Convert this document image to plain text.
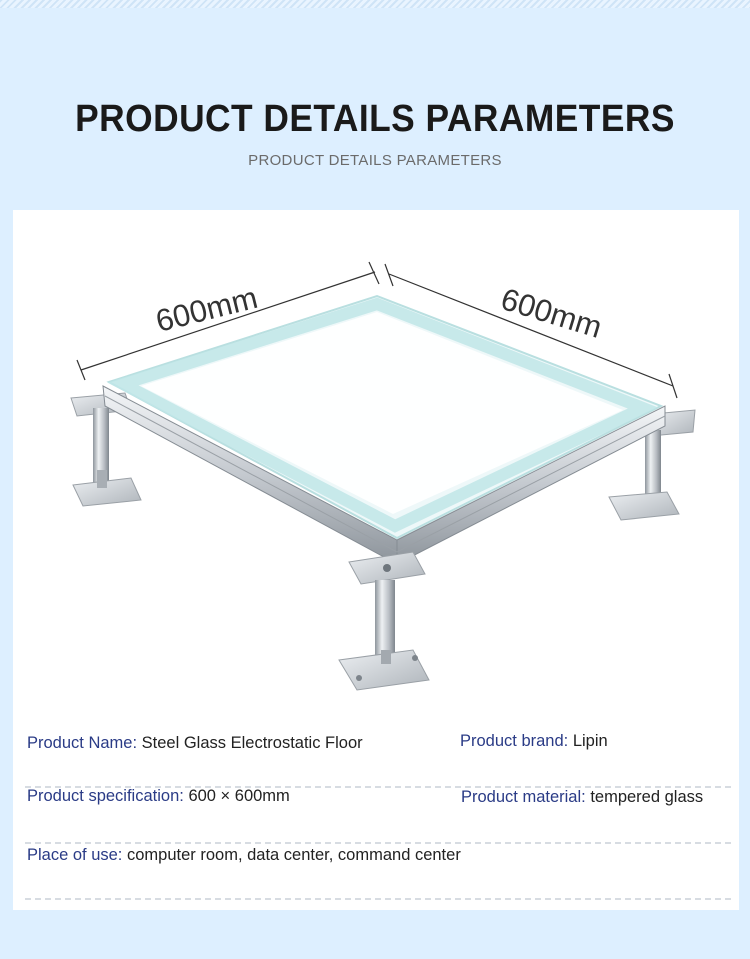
PRODUCT DETAILS PARAMETERS
PRODUCT DETAILS PARAMETERS
600mm	600mm
Product Name: Steel Glass Electrostatic Floor	Product brand: Lipin
Product specification: 600 × 600mm	Product material: tempered glass
Place of use: computer room, data center, command center
